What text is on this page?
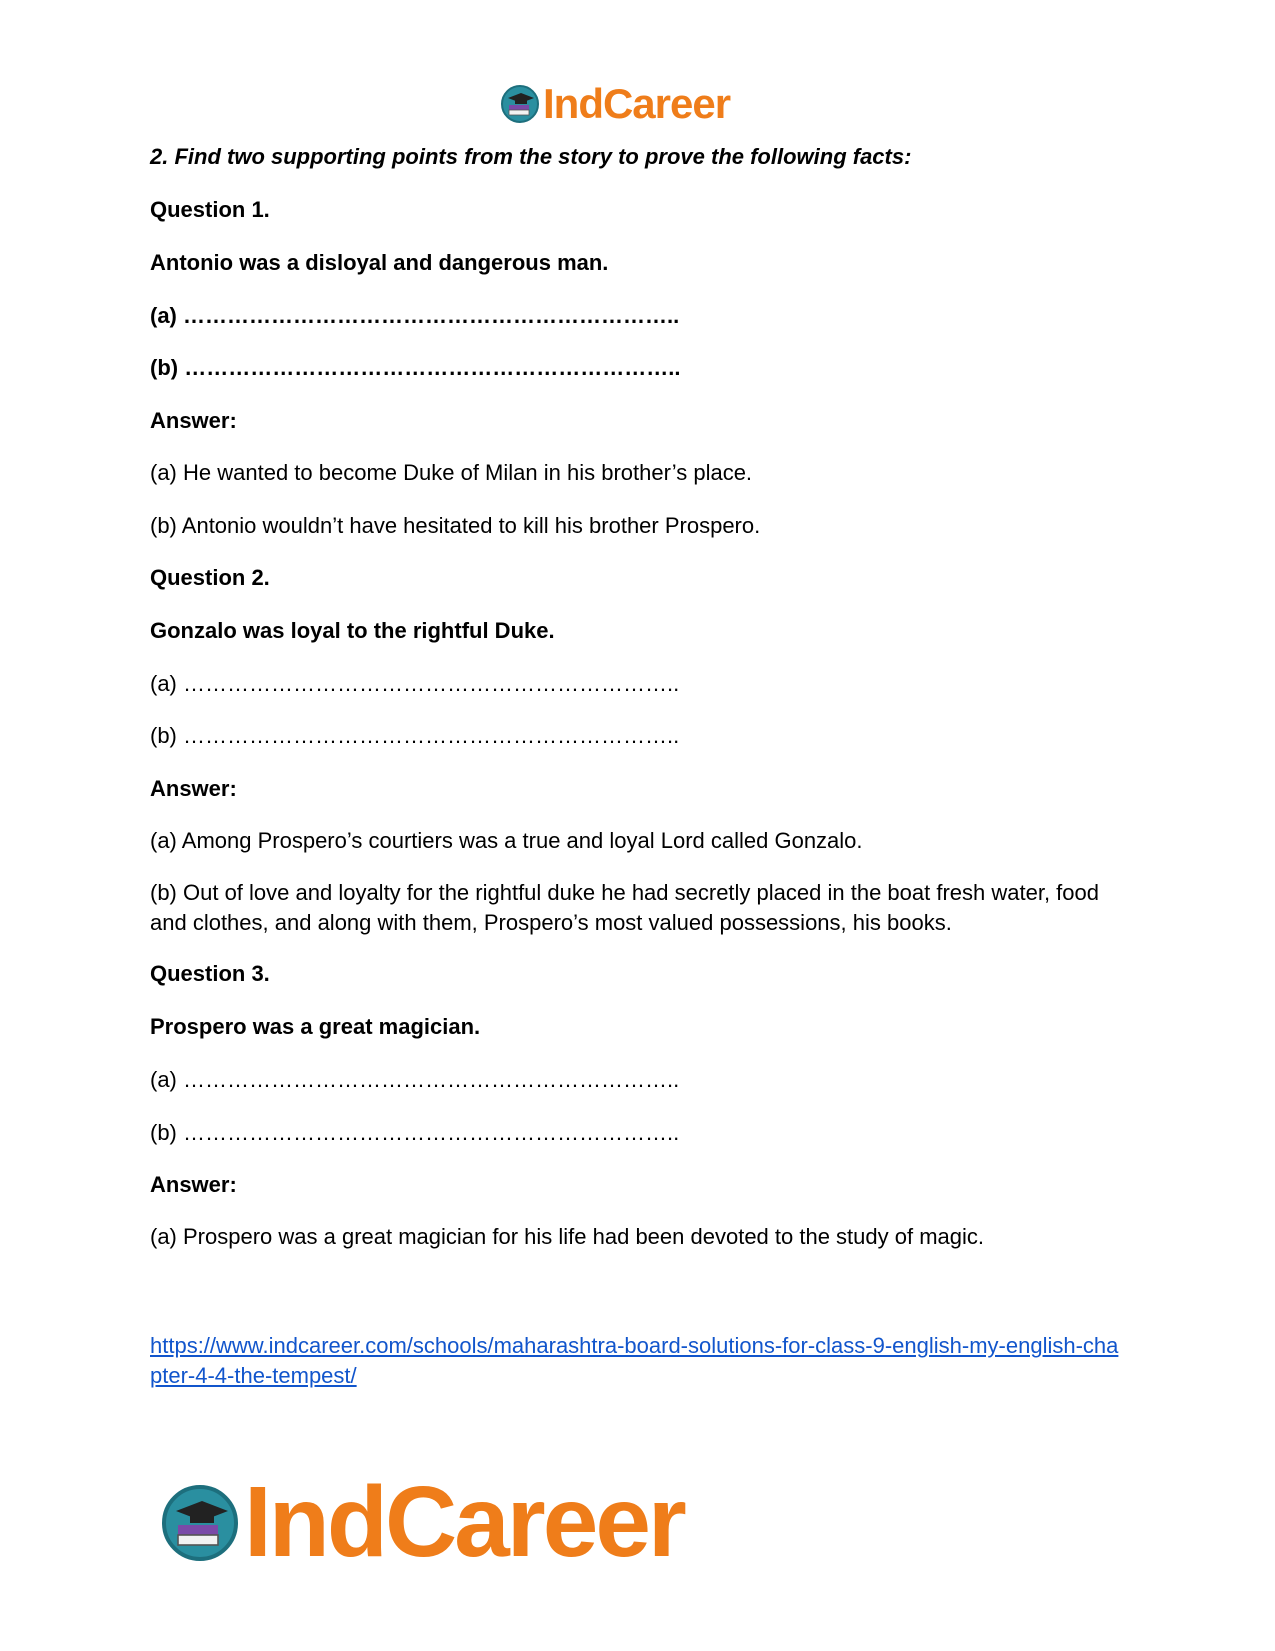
IndCareer
2. Find two supporting points from the story to prove the following facts:
Question 1.
Antonio was a disloyal and dangerous man.
(a) …………………………………………………………..
(b) …………………………………………………………..
Answer:
(a) He wanted to become Duke of Milan in his brother’s place.
(b) Antonio wouldn’t have hesitated to kill his brother Prospero.
Question 2.
Gonzalo was loyal to the rightful Duke.
(a) …………………………………………………………..
(b) …………………………………………………………..
Answer:
(a) Among Prospero’s courtiers was a true and loyal Lord called Gonzalo.
(b) Out of love and loyalty for the rightful duke he had secretly placed in the boat fresh water, food and clothes, and along with them, Prospero’s most valued possessions, his books.
Question 3.
Prospero was a great magician.
(a) …………………………………………………………..
(b) …………………………………………………………..
Answer:
(a) Prospero was a great magician for his life had been devoted to the study of magic.
https://www.indcareer.com/schools/maharashtra-board-solutions-for-class-9-english-my-english-chapter-4-4-the-tempest/
IndCareer
